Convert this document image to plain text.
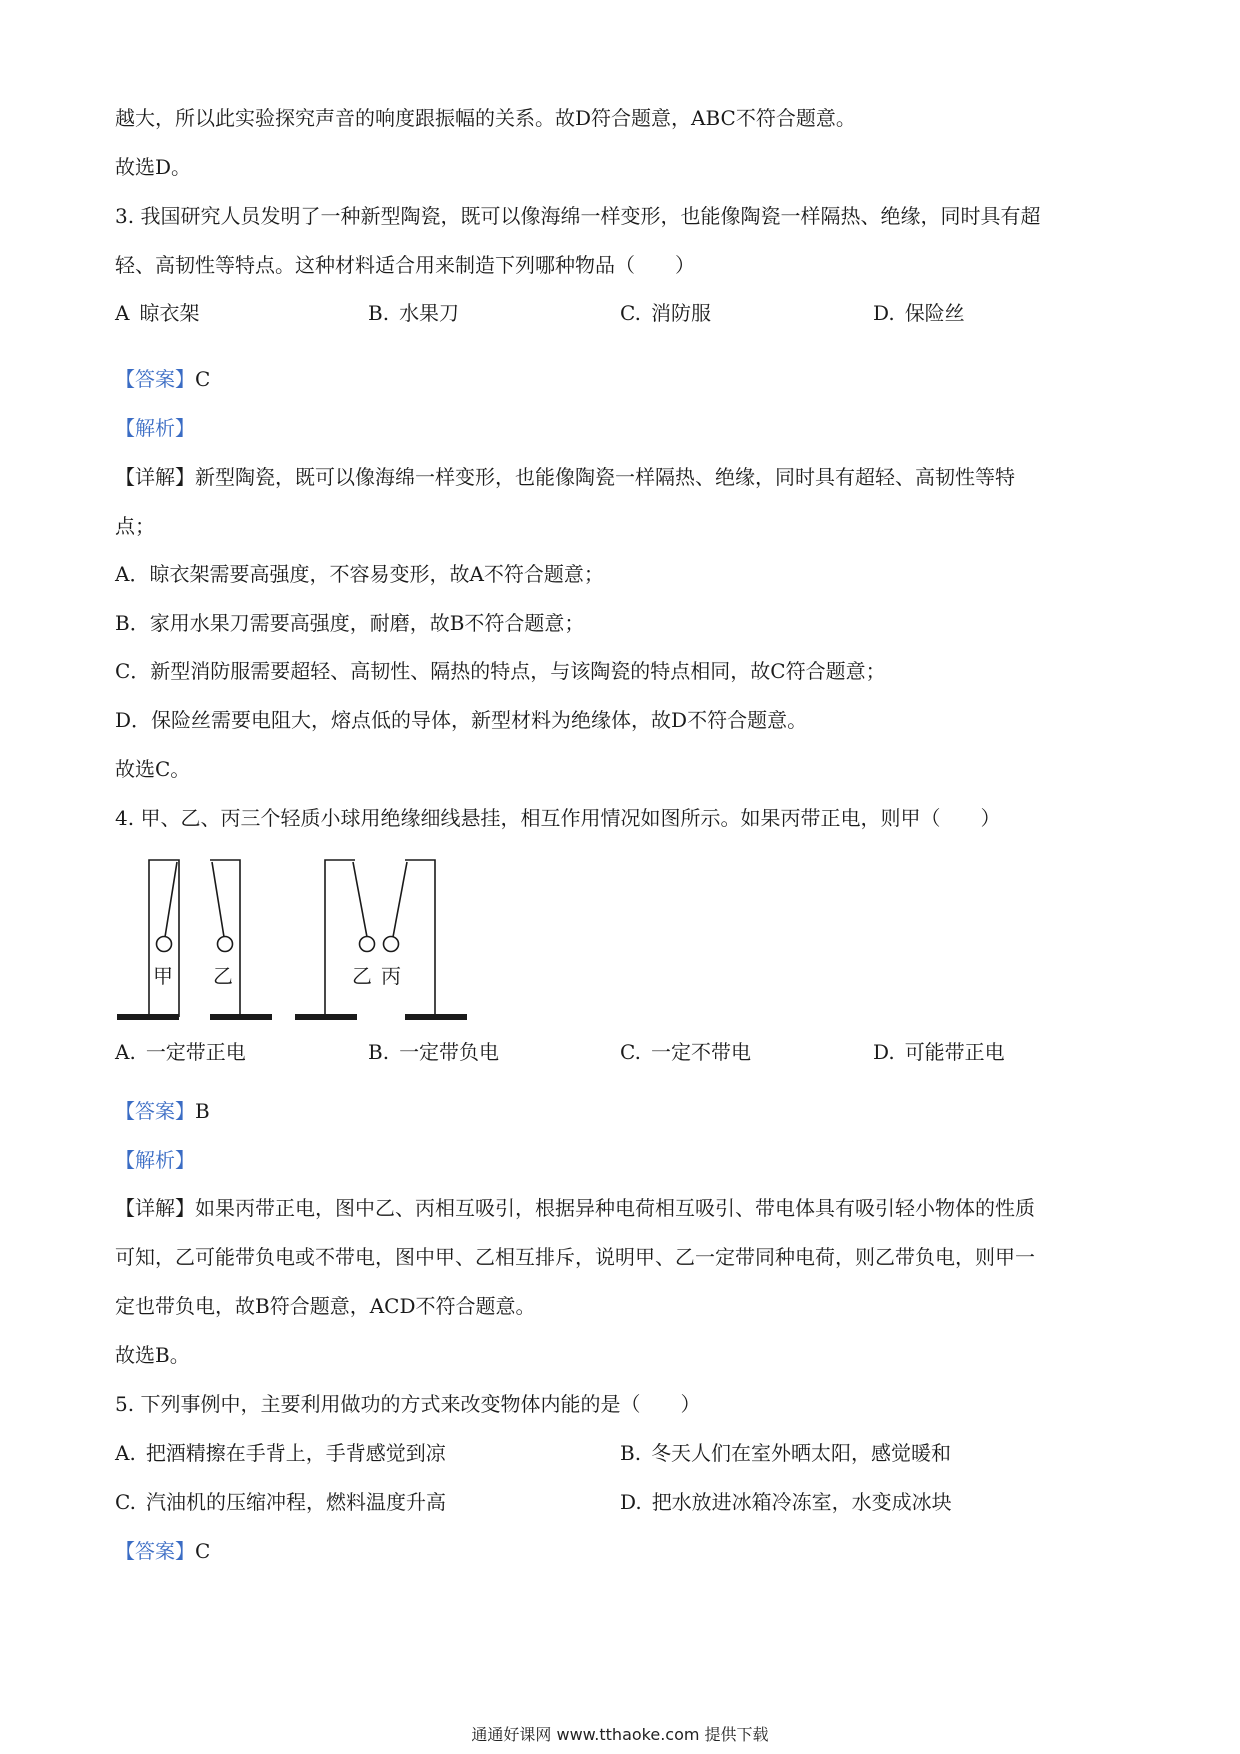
越大，所以此实验探究声音的响度跟振幅的关系。故D符合题意，ABC不符合题意。
故选D。
3. 我国研究人员发明了一种新型陶瓷，既可以像海绵一样变形，也能像陶瓷一样隔热、绝缘，同时具有超
轻、高韧性等特点。这种材料适合用来制造下列哪种物品（　　）
A 晾衣架	B. 水果刀	C. 消防服	D. 保险丝
【答案】C
【解析】
【详解】新型陶瓷，既可以像海绵一样变形，也能像陶瓷一样隔热、绝缘，同时具有超轻、高韧性等特
点；
A．晾衣架需要高强度，不容易变形，故A不符合题意；
B．家用水果刀需要高强度，耐磨，故B不符合题意；
C．新型消防服需要超轻、高韧性、隔热的特点，与该陶瓷的特点相同，故C符合题意；
D．保险丝需要电阻大，熔点低的导体，新型材料为绝缘体，故D不符合题意。
故选C。
4. 甲、乙、丙三个轻质小球用绝缘细线悬挂，相互作用情况如图所示。如果丙带正电，则甲（　　）
甲 乙	乙 丙
A. 一定带正电	B. 一定带负电	C. 一定不带电	D. 可能带正电
【答案】B
【解析】
【详解】如果丙带正电，图中乙、丙相互吸引，根据异种电荷相互吸引、带电体具有吸引轻小物体的性质
可知，乙可能带负电或不带电，图中甲、乙相互排斥，说明甲、乙一定带同种电荷，则乙带负电，则甲一
定也带负电，故B符合题意，ACD不符合题意。
故选B。
5. 下列事例中，主要利用做功的方式来改变物体内能的是（　　）
A. 把酒精擦在手背上，手背感觉到凉	B. 冬天人们在室外晒太阳，感觉暖和
C. 汽油机的压缩冲程，燃料温度升高	D. 把水放进冰箱冷冻室，水变成冰块
【答案】C
通通好课网 www.tthaoke.com 提供下载
